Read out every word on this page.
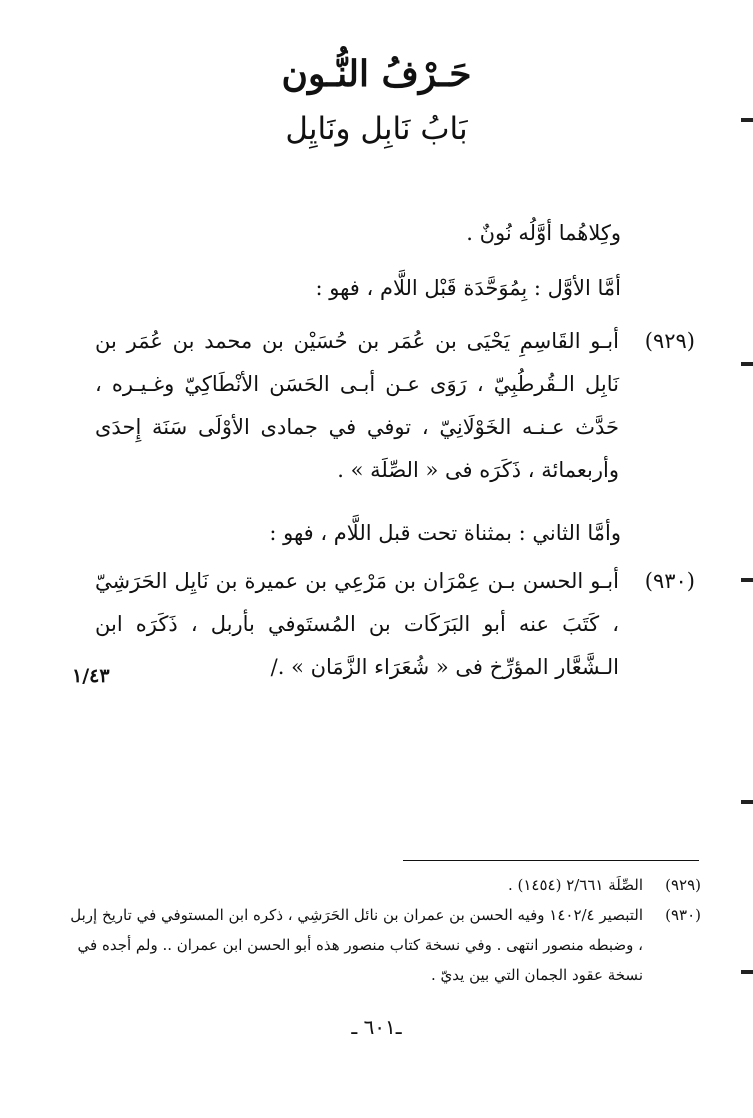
حَـرْفُ النُّـون
بَابُ نَابِل ونَايِل
وكِلاهُما أوَّلُه نُونٌ .
أمَّا الأوَّل : بِمُوَحَّدَة قَبْل اللَّام ، فهو :
(٩٢٩)
أبـو القَاسِمِ يَحْيَى بن عُمَر بن حُسَيْن بن محمد بن عُمَر بن نَابِل الـقُرطُبِيّ ، رَوَى عـن أبـى الحَسَن الأنْطَاكِيّ وغـيـره ، حَدَّث عـنـه الخَوْلَانِيّ ، توفي في جمادى الأوْلَى سَنَة إِحدَى وأربعمائة ، ذَكَرَه فى « الصِّلَة » .
وأمَّا الثاني : بمثناة تحت قبل اللَّام ، فهو :
(٩٣٠)
أبـو الحسن بـن عِمْرَان بن مَرْعِي بن عميرة بن نَايِل الحَرَشِيّ ، كَتَبَ عنه أبو البَرَكَات بن المُستَوفي بأربل ، ذَكَرَه ابن الـشَّعَّار المؤرِّخ فى « شُعَرَاء الزَّمَان » ./
١/٤٣
(٩٢٩)
الصِّلَة ٢/٦٦١ (١٤٥٤) .
(٩٣٠)
التبصير ١٤٠٢/٤ وفيه الحسن بن عمران بن نائل الحَرَشِي ، ذكره ابن المستوفي في تاريخ إربل ، وضبطه منصور انتهى . وفي نسخة كتاب منصور هذه أبو الحسن ابن عمران .. ولم أجده في نسخة عقود الجمان التي بين يديّ .
ـ٦٠١ ـ
